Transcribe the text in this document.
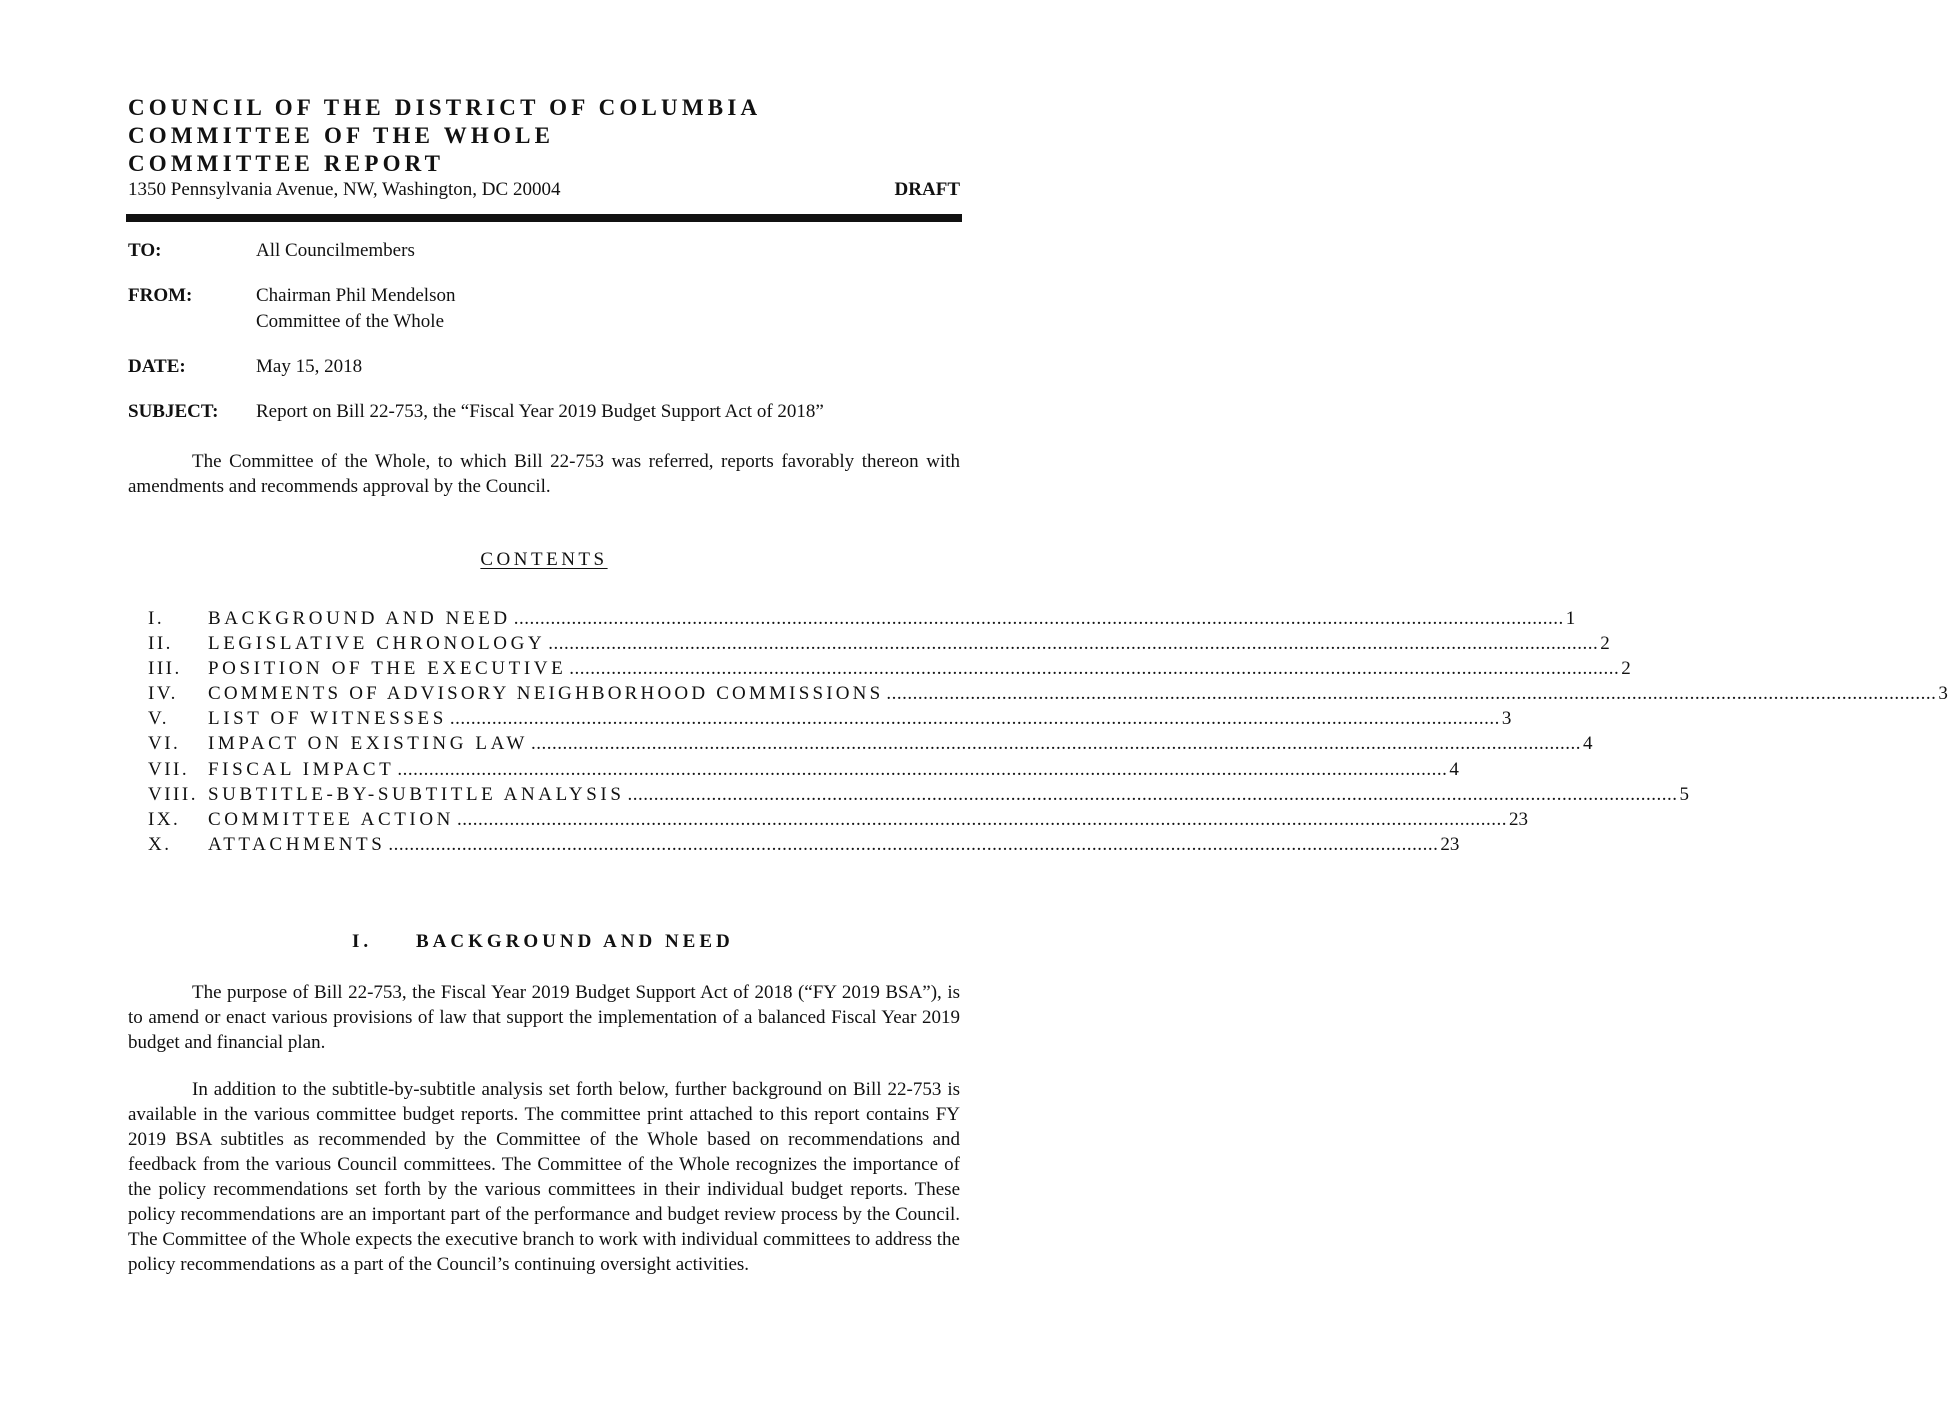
COUNCIL OF THE DISTRICT OF COLUMBIA
COMMITTEE OF THE WHOLE
COMMITTEE REPORT
1350 Pennsylvania Avenue, NW, Washington, DC 20004	DRAFT
TO:	All Councilmembers
FROM:	Chairman Phil Mendelson
Committee of the Whole
DATE:	May 15, 2018
SUBJECT: Report on Bill 22-753, the “Fiscal Year 2019 Budget Support Act of 2018”

The Committee of the Whole, to which Bill 22-753 was referred, reports favorably thereon with amendments and recommends approval by the Council.

CONTENTS
I.	BACKGROUND AND NEED ........................................................................................................................................................................................................ 1
II.	LEGISLATIVE CHRONOLOGY ........................................................................................................................................................................................................ 2
III.	POSITION OF THE EXECUTIVE ........................................................................................................................................................................................................ 2
IV.	COMMENTS OF ADVISORY NEIGHBORHOOD COMMISSIONS ........................................................................................................................................................................................................ 3
V.	LIST OF WITNESSES ........................................................................................................................................................................................................ 3
VI.	IMPACT ON EXISTING LAW ........................................................................................................................................................................................................ 4
VII. FISCAL IMPACT ........................................................................................................................................................................................................ 4
VIII. SUBTITLE-BY-SUBTITLE ANALYSIS ........................................................................................................................................................................................................ 5
IX.	COMMITTEE ACTION ........................................................................................................................................................................................................ 23
X.	ATTACHMENTS ........................................................................................................................................................................................................ 23
I. BACKGROUND AND NEED

The purpose of Bill 22-753, the Fiscal Year 2019 Budget Support Act of 2018 (“FY 2019 BSA”), is to amend or enact various provisions of law that support the implementation of a balanced Fiscal Year 2019 budget and financial plan.

In addition to the subtitle-by-subtitle analysis set forth below, further background on Bill 22-753 is available in the various committee budget reports. The committee print attached to this report contains FY 2019 BSA subtitles as recommended by the Committee of the Whole based on recommendations and feedback from the various Council committees. The Committee of the Whole recognizes the importance of the policy recommendations set forth by the various committees in their individual budget reports. These policy recommendations are an important part of the performance and budget review process by the Council. The Committee of the Whole expects the executive branch to work with individual committees to address the policy recommendations as a part of the Council’s continuing oversight activities.
